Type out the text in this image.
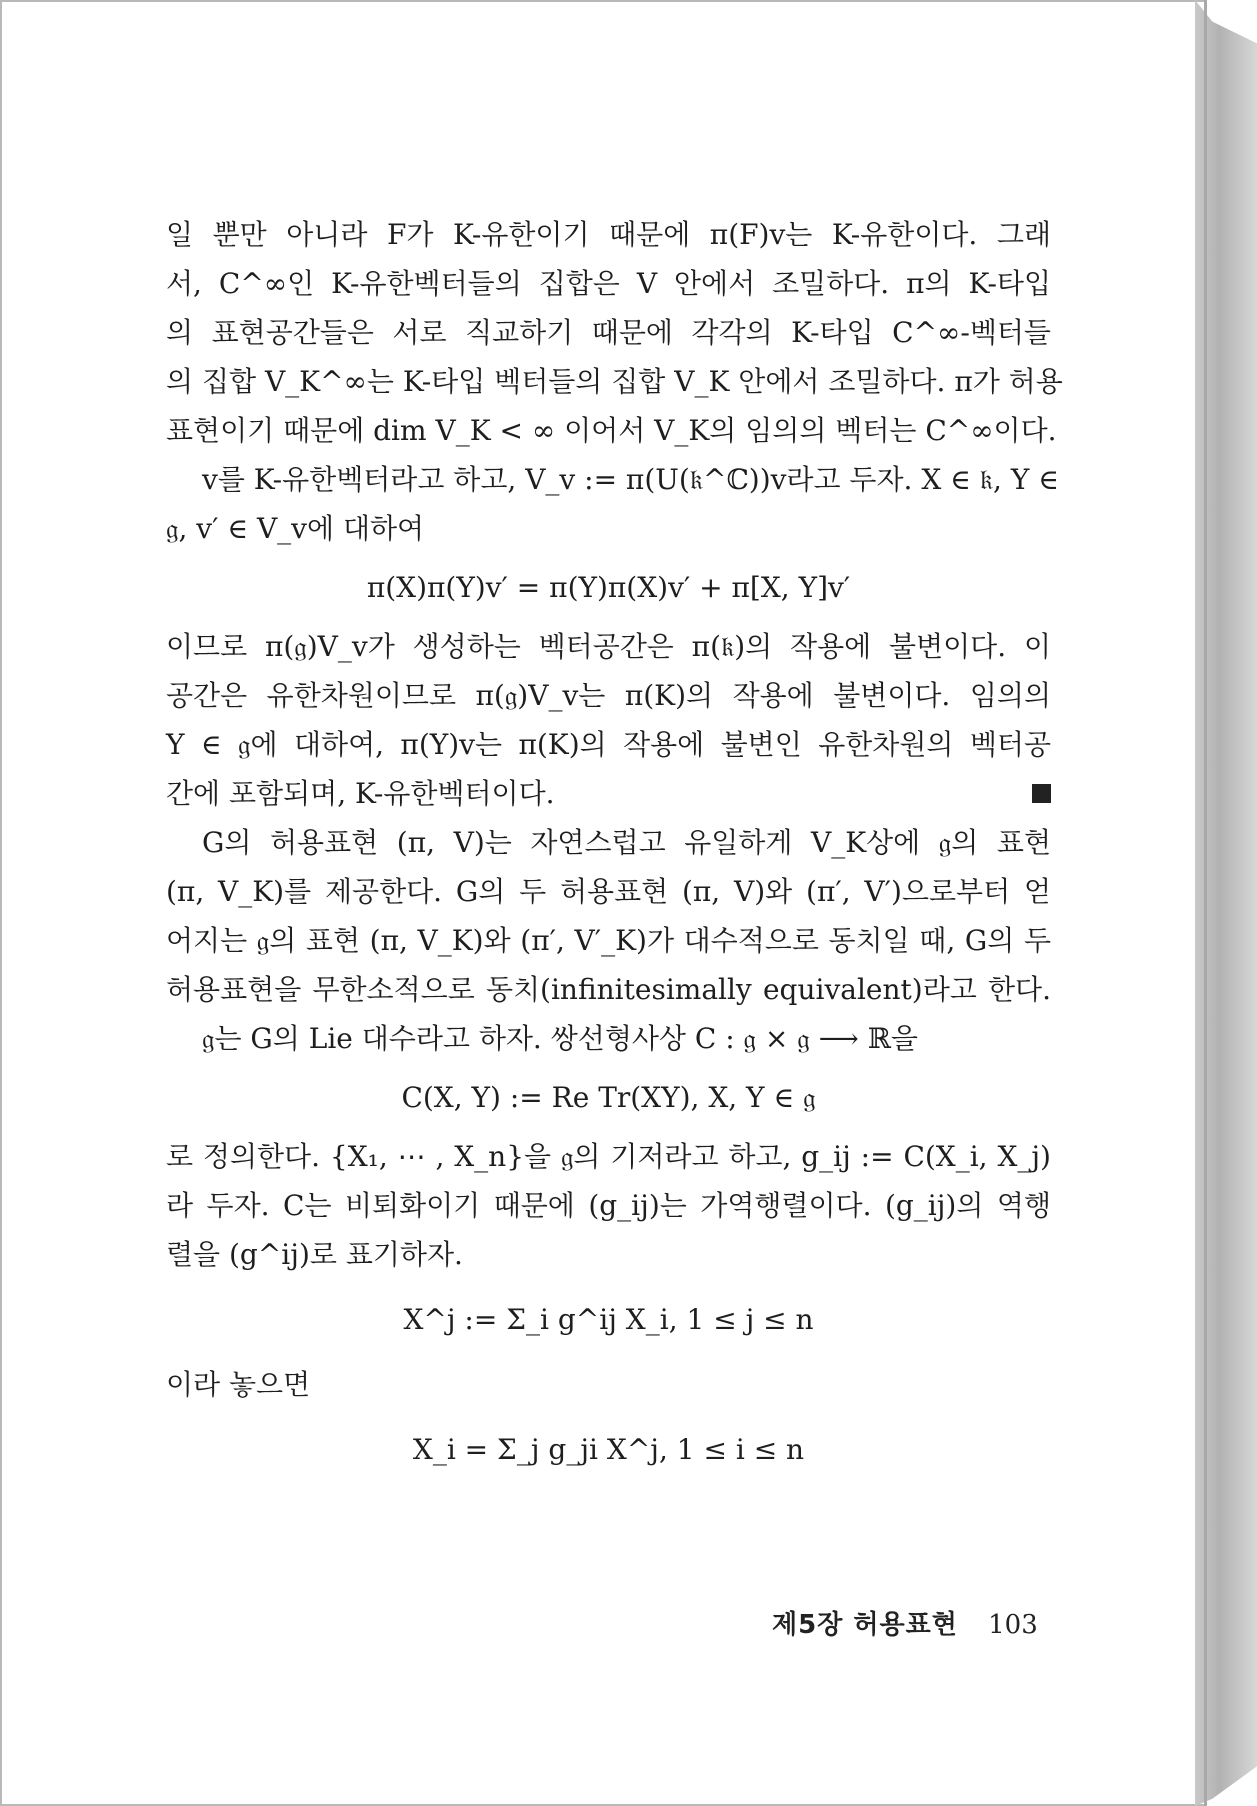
일 뿐만 아니라 F가 K-유한이기 때문에 π(F)v는 K-유한이다. 그래
서, C^∞인 K-유한벡터들의 집합은 V 안에서 조밀하다. π의 K-타입
의 표현공간들은 서로 직교하기 때문에 각각의 K-타입 C^∞-벡터들
의 집합 V_K^∞는 K-타입 벡터들의 집합 V_K 안에서 조밀하다. π가 허용
표현이기 때문에 dim V_K < ∞ 이어서 V_K의 임의의 벡터는 C^∞이다.
v를 K-유한벡터라고 하고, V_v := π(U(𝔨^ℂ))v라고 두자. X ∈ 𝔨, Y ∈
𝔤, v′ ∈ V_v에 대하여
π(X)π(Y)v′ = π(Y)π(X)v′ + π[X, Y]v′
이므로 π(𝔤)V_v가 생성하는 벡터공간은 π(𝔨)의 작용에 불변이다. 이
공간은 유한차원이므로 π(𝔤)V_v는 π(K)의 작용에 불변이다. 임의의
Y ∈ 𝔤에 대하여, π(Y)v는 π(K)의 작용에 불변인 유한차원의 벡터공
간에 포함되며, K-유한벡터이다.
G의 허용표현 (π, V)는 자연스럽고 유일하게 V_K상에 𝔤의 표현
(π, V_K)를 제공한다. G의 두 허용표현 (π, V)와 (π′, V′)으로부터 얻
어지는 𝔤의 표현 (π, V_K)와 (π′, V′_K)가 대수적으로 동치일 때, G의 두
허용표현을 무한소적으로 동치(infinitesimally equivalent)라고 한다.
𝔤는 G의 Lie 대수라고 하자. 쌍선형사상 C : 𝔤 × 𝔤 ⟶ ℝ을
C(X, Y) := Re Tr(XY), X, Y ∈ 𝔤
로 정의한다. {X₁, ⋯ , X_n}을 𝔤의 기저라고 하고, g_ij := C(X_i, X_j)
라 두자. C는 비퇴화이기 때문에 (g_ij)는 가역행렬이다. (g_ij)의 역행
렬을 (g^ij)로 표기하자.
X^j := Σ_i g^ij X_i, 1 ≤ j ≤ n
이라 놓으면
X_i = Σ_j g_ji X^j, 1 ≤ i ≤ n
제5장 허용표현 103
